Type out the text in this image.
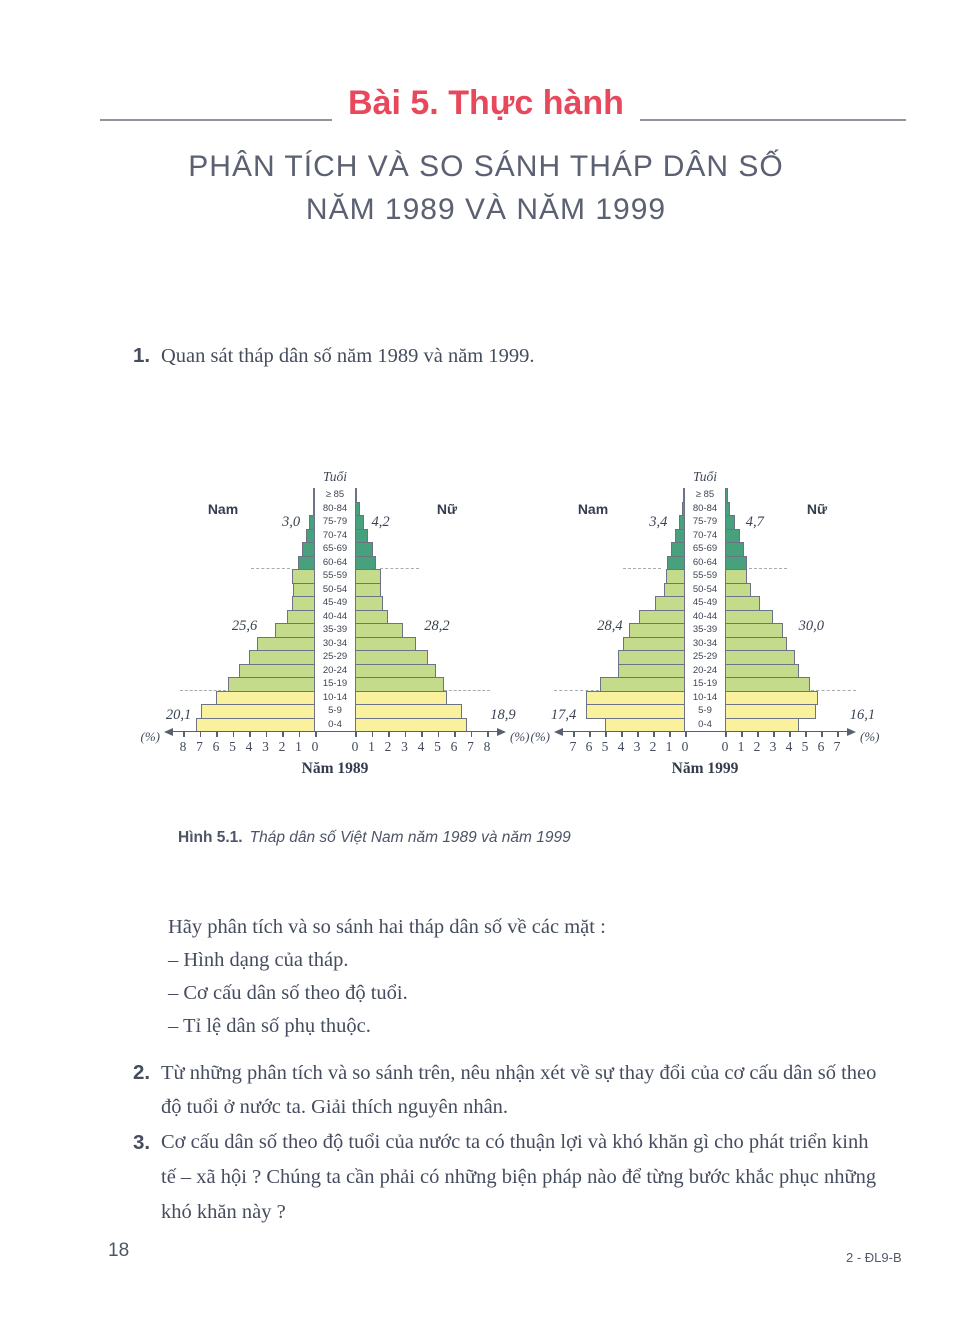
Bài 5. Thực hành
PHÂN TÍCH VÀ SO SÁNH THÁP DÂN SỐ
NĂM 1989 VÀ NĂM 1999
1. Quan sát tháp dân số năm 1989 và năm 1999.
Tuổi
Nam	Nữ
≥ 85
80-84
75-79
70-74
65-69
60-64
55-59
50-54
45-49
40-44
35-39
30-34
25-29
20-24
15-19
10-14
5-9
0-4
0	0
1	1
2	2
3	3
4	4
5	5
6	6
7	7
8	8
(%)	(%)
3,0	4,2
25,6	28,2
20,1	18,9
Năm 1989
Tuổi
Nam	Nữ
≥ 85
80-84
75-79
70-74
65-69
60-64
55-59
50-54
45-49
40-44
35-39
30-34
25-29
20-24
15-19
10-14
5-9
0-4
0	0
1	1
2	2
3	3
4	4
5	5
6	6
7	7
(%)	(%)
3,4	4,7
28,4	30,0
17,4	16,1
Năm 1999
Hình 5.1. Tháp dân số Việt Nam năm 1989 và năm 1999
Hãy phân tích và so sánh hai tháp dân số về các mặt :
– Hình dạng của tháp.
– Cơ cấu dân số theo độ tuổi.
– Tỉ lệ dân số phụ thuộc.
2. Từ những phân tích và so sánh trên, nêu nhận xét về sự thay đổi của cơ cấu dân số theo độ tuổi ở nước ta. Giải thích nguyên nhân.
3. Cơ cấu dân số theo độ tuổi của nước ta có thuận lợi và khó khăn gì cho phát triển kinh tế – xã hội ? Chúng ta cần phải có những biện pháp nào để từng bước khắc phục những khó khăn này ?
18	2 - ĐL9-B
